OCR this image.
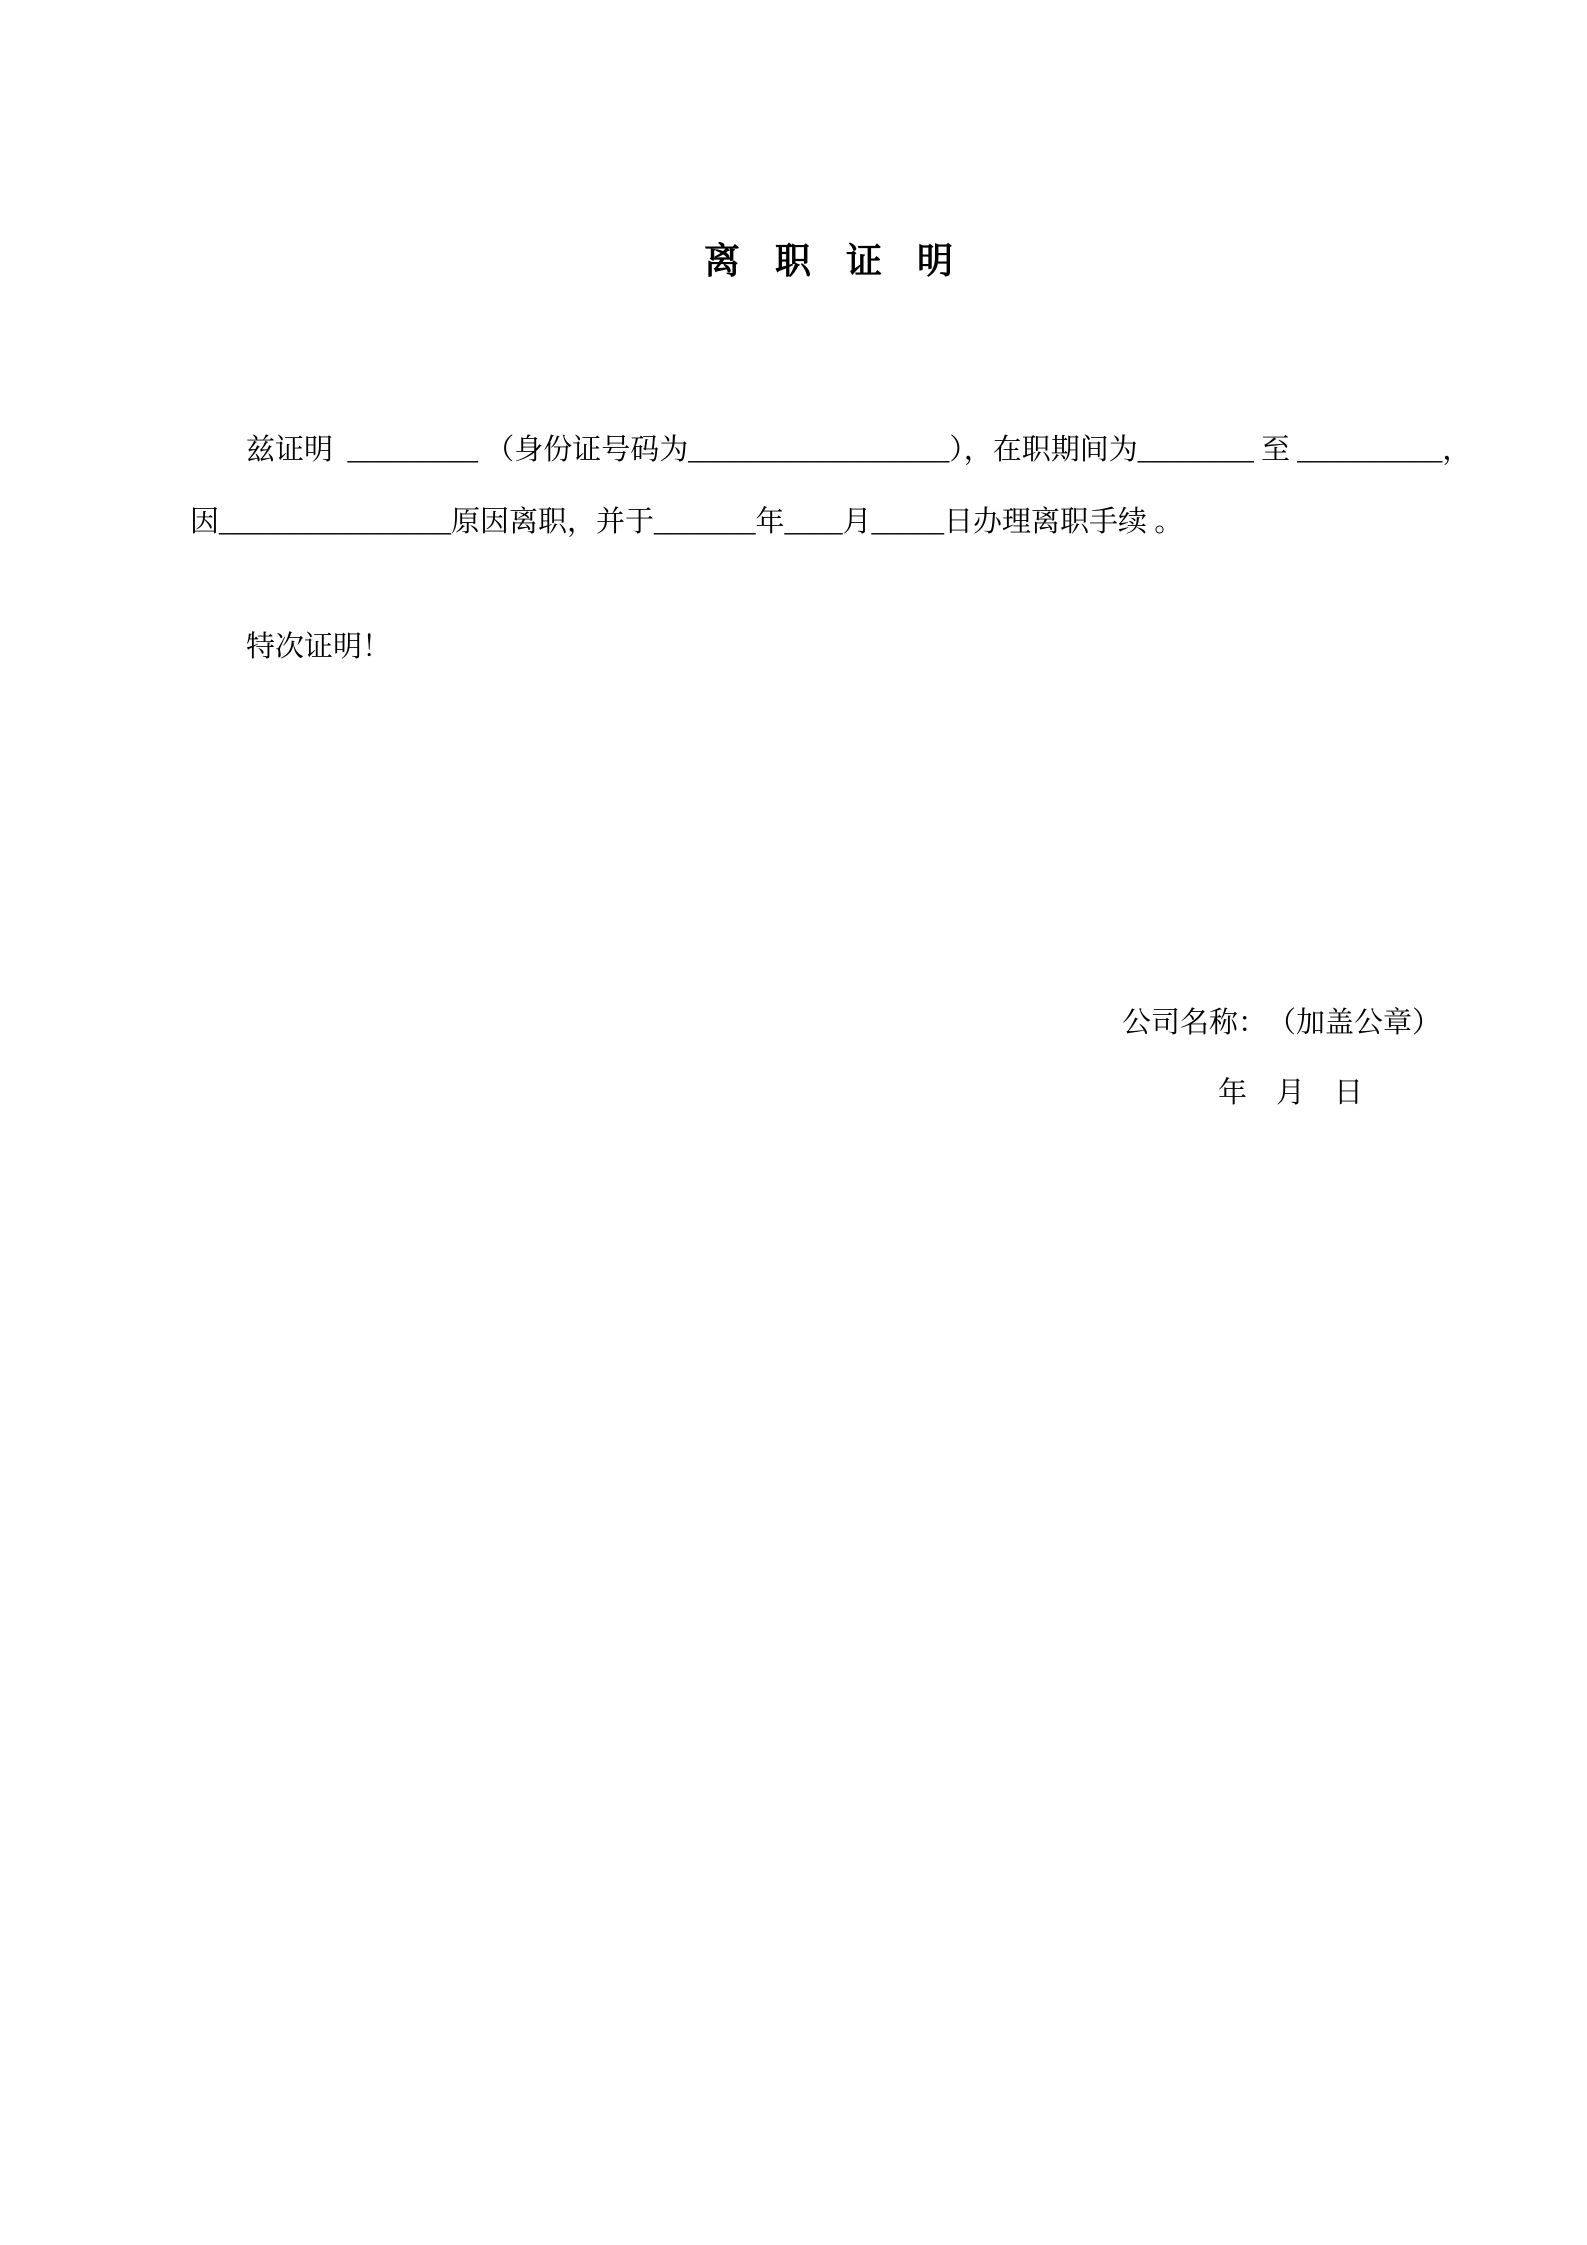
离 职 证 明
兹证明  _________ （身份证号码为__________________），在职期间为________ 至 __________，
因________________原因离职，并于_______年____月_____日办理离职手续 。
特次证明！
公司名称：　（加盖公章）
年　月　日
